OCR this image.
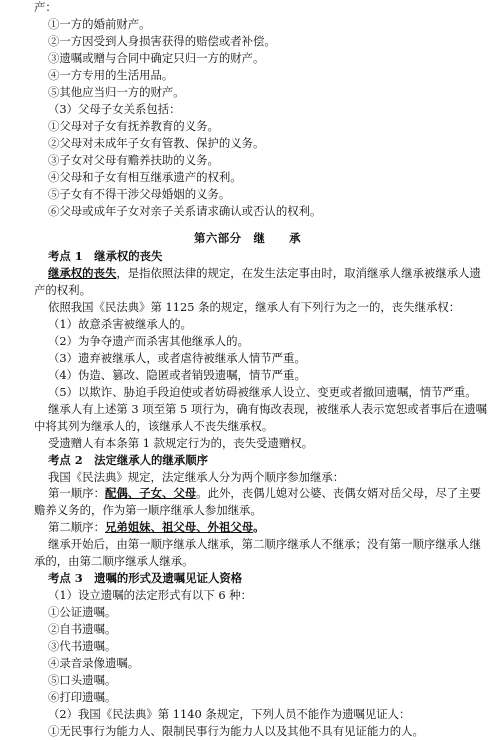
产：
①一方的婚前财产。
②一方因受到人身损害获得的赔偿或者补偿。
③遗嘱或赠与合同中确定只归一方的财产。
④一方专用的生活用品。
⑤其他应当归一方的财产。
（3）父母子女关系包括：
①父母对子女有抚养教育的义务。
②父母对未成年子女有管教、保护的义务。
③子女对父母有赡养扶助的义务。
④父母和子女有相互继承遗产的权利。
⑤子女有不得干涉父母婚姻的义务。
⑥父母或成年子女对亲子关系请求确认或否认的权利。
第六部分　继　　承
考点 1　继承权的丧失
继承权的丧失，是指依照法律的规定，在发生法定事由时，取消继承人继承被继承人遗
产的权利。
依照我国《民法典》第 1125 条的规定，继承人有下列行为之一的，丧失继承权：
（1）故意杀害被继承人的。
（2）为争夺遗产而杀害其他继承人的。
（3）遗弃被继承人，或者虐待被继承人情节严重。
（4）伪造、篡改、隐匿或者销毁遗嘱，情节严重。
（5）以欺诈、胁迫手段迫使或者妨碍被继承人设立、变更或者撤回遗嘱，情节严重。
继承人有上述第 3 项至第 5 项行为，确有悔改表现，被继承人表示宽恕或者事后在遗嘱
中将其列为继承人的，该继承人不丧失继承权。
受遗赠人有本条第 1 款规定行为的，丧失受遗赠权。
考点 2　法定继承人的继承顺序
我国《民法典》规定，法定继承人分为两个顺序参加继承：
第一顺序：配偶、子女、父母。此外，丧偶儿媳对公婆、丧偶女婿对岳父母，尽了主要
赡养义务的，作为第一顺序继承人参加继承。
第二顺序：兄弟姐妹、祖父母、外祖父母。
继承开始后，由第一顺序继承人继承，第二顺序继承人不继承；没有第一顺序继承人继
承的，由第二顺序继承人继承。
考点 3　遗嘱的形式及遗嘱见证人资格
（1）设立遗嘱的法定形式有以下 6 种：
①公证遗嘱。
②自书遗嘱。
③代书遗嘱。
④录音录像遗嘱。
⑤口头遗嘱。
⑥打印遗嘱。
（2）我国《民法典》第 1140 条规定，下列人员不能作为遗嘱见证人：
①无民事行为能力人、限制民事行为能力人以及其他不具有见证能力的人。
